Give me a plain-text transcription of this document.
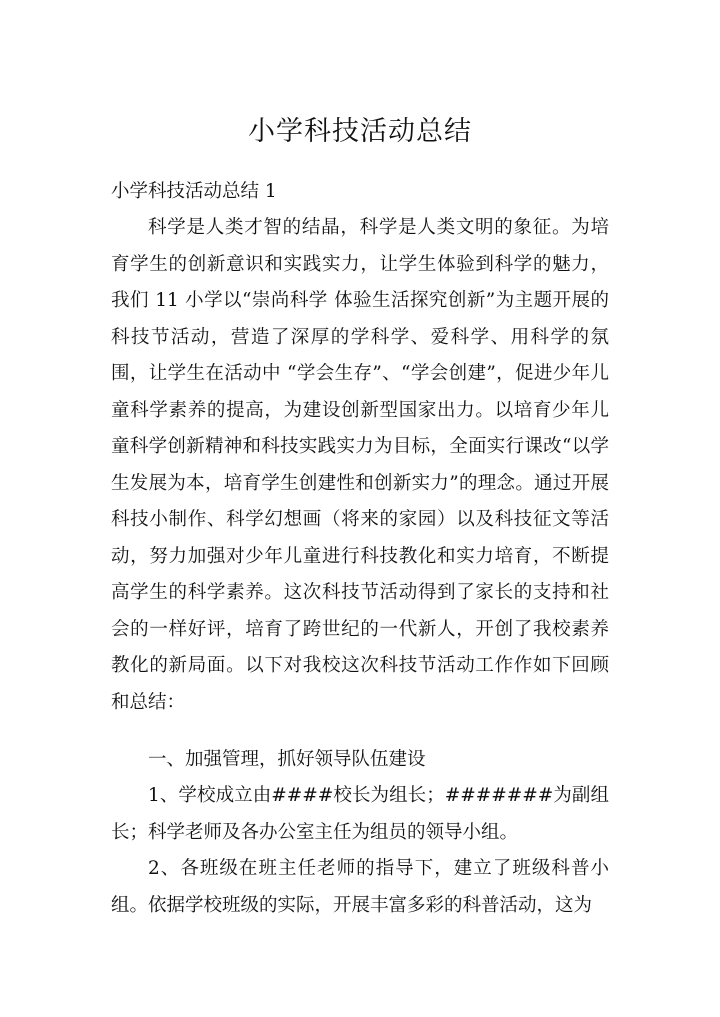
小学科技活动总结
小学科技活动总结 1

科学是人类才智的结晶，科学是人类文明的象征。为培育学生的创新意识和实践实力，让学生体验到科学的魅力，我们 11 小学以“崇尚科学 体验生活探究创新”为主题开展的科技节活动，营造了深厚的学科学、爱科学、用科学的氛围，让学生在活动中 “学会生存”、“学会创建”，促进少年儿童科学素养的提高，为建设创新型国家出力。以培育少年儿童科学创新精神和科技实践实力为目标，全面实行课改“以学生发展为本，培育学生创建性和创新实力”的理念。通过开展科技小制作、科学幻想画（将来的家园）以及科技征文等活动，努力加强对少年儿童进行科技教化和实力培育，不断提高学生的科学素养。这次科技节活动得到了家长的支持和社会的一样好评，培育了跨世纪的一代新人，开创了我校素养教化的新局面。以下对我校这次科技节活动工作作如下回顾和总结：

一、加强管理，抓好领导队伍建设

1、学校成立由####校长为组长；#######为副组长；科学老师及各办公室主任为组员的领导小组。

2、各班级在班主任老师的指导下，建立了班级科普小组。依据学校班级的实际，开展丰富多彩的科普活动，这为
